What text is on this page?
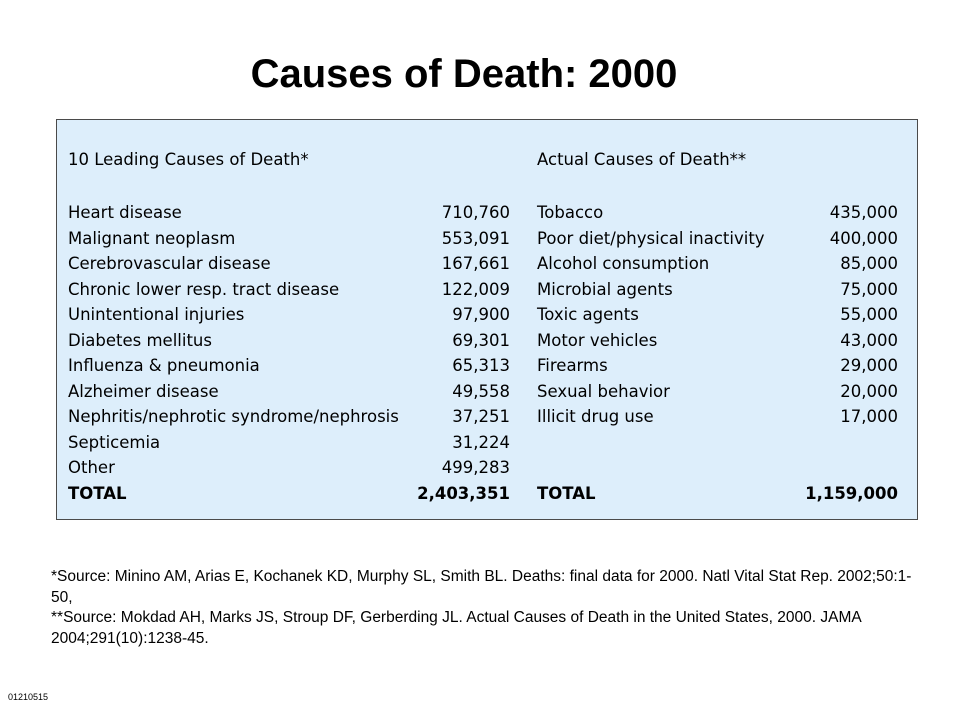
Causes of Death: 2000
10 Leading Causes of Death*	Actual Causes of Death**
Heart disease	710,760
Malignant neoplasm	553,091
Cerebrovascular disease	167,661
Chronic lower resp. tract disease	122,009
Unintentional injuries	97,900
Diabetes mellitus	69,301
Influenza & pneumonia	65,313
Alzheimer disease	49,558
Nephritis/nephrotic syndrome/nephrosis	37,251
Septicemia	31,224
Other	499,283
TOTAL	2,403,351
Tobacco	435,000
Poor diet/physical inactivity	400,000
Alcohol consumption	85,000
Microbial agents	75,000
Toxic agents	55,000
Motor vehicles	43,000
Firearms	29,000
Sexual behavior	20,000
Illicit drug use	17,000
TOTAL	1,159,000

*Source: Minino AM, Arias E, Kochanek KD, Murphy SL, Smith BL. Deaths: final data for 2000. Natl Vital Stat Rep. 2002;50:1-50,

**Source: Mokdad AH, Marks JS, Stroup DF, Gerberding JL. Actual Causes of Death in the United States, 2000. JAMA 2004;291(10):1238-45.

01210515
